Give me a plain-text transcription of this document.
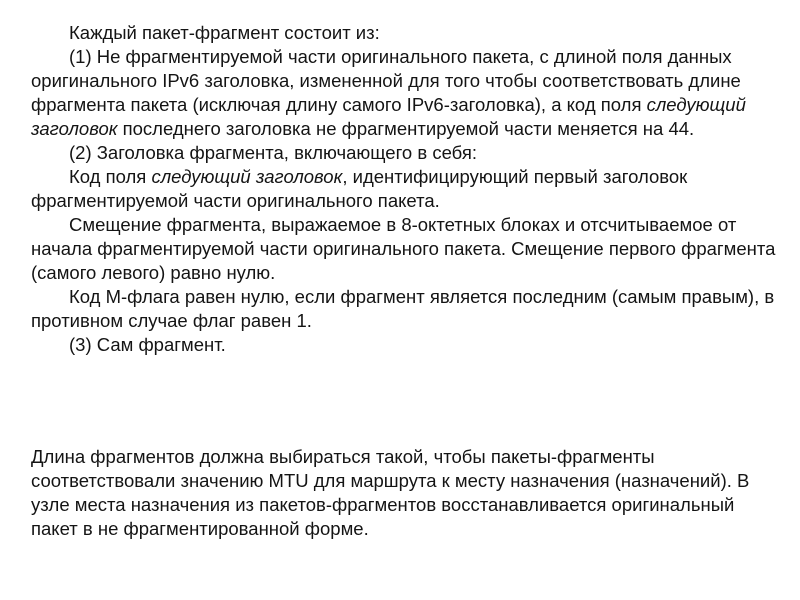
Каждый пакет-фрагмент состоит из:

(1) Не фрагментируемой части оригинального пакета, с длиной поля данных оригинального IPv6 заголовка, измененной для того чтобы соответствовать длине фрагмента пакета (исключая длину самого IPv6-заголовка), а код поля следующий заголовок последнего заголовка не фрагментируемой части меняется на 44.

(2) Заголовка фрагмента, включающего в себя:

Код поля следующий заголовок, идентифицирующий первый заголовок фрагментируемой части оригинального пакета.

Смещение фрагмента, выражаемое в 8-октетных блоках и отсчитываемое от начала фрагментируемой части оригинального пакета. Смещение первого фрагмента (самого левого) равно нулю.

Код М-флага равен нулю, если фрагмент является последним (самым правым), в противном случае флаг равен 1.

(3) Сам фрагмент.

Длина фрагментов должна выбираться такой, чтобы пакеты-фрагменты соответствовали значению MTU для маршрута к месту назначения (назначений). В узле места назначения из пакетов-фрагментов восстанавливается оригинальный пакет в не фрагментированной форме.
